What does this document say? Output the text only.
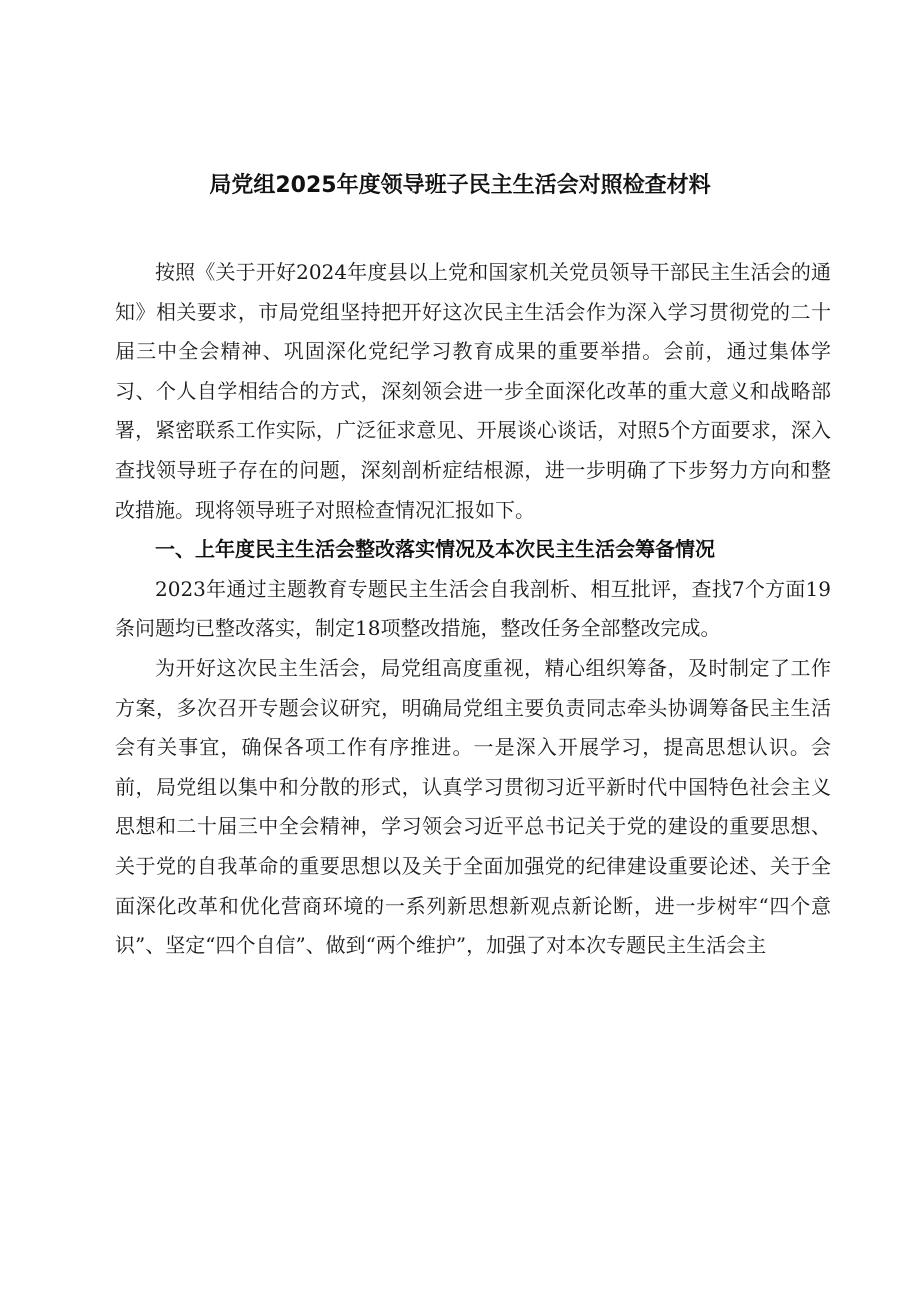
局党组2025年度领导班子民主生活会对照检查材料

按照《关于开好2024年度县以上党和国家机关党员领导干部民主生活会的通知》相关要求，市局党组坚持把开好这次民主生活会作为深入学习贯彻党的二十届三中全会精神、巩固深化党纪学习教育成果的重要举措。会前，通过集体学习、个人自学相结合的方式，深刻领会进一步全面深化改革的重大意义和战略部署，紧密联系工作实际，广泛征求意见、开展谈心谈话，对照5个方面要求，深入查找领导班子存在的问题，深刻剖析症结根源，进一步明确了下步努力方向和整改措施。现将领导班子对照检查情况汇报如下。

一、上年度民主生活会整改落实情况及本次民主生活会筹备情况

2023年通过主题教育专题民主生活会自我剖析、相互批评，查找7个方面19条问题均已整改落实，制定18项整改措施，整改任务全部整改完成。

为开好这次民主生活会，局党组高度重视，精心组织筹备，及时制定了工作方案，多次召开专题会议研究，明确局党组主要负责同志牵头协调筹备民主生活会有关事宜，确保各项工作有序推进。一是深入开展学习，提高思想认识。会前，局党组以集中和分散的形式，认真学习贯彻习近平新时代中国特色社会主义思想和二十届三中全会精神，学习领会习近平总书记关于党的建设的重要思想、关于党的自我革命的重要思想以及关于全面加强党的纪律建设重要论述、关于全面深化改革和优化营商环境的一系列新思想新观点新论断，进一步树牢“四个意识”、坚定“四个自信”、做到“两个维护”，加强了对本次专题民主生活会主
